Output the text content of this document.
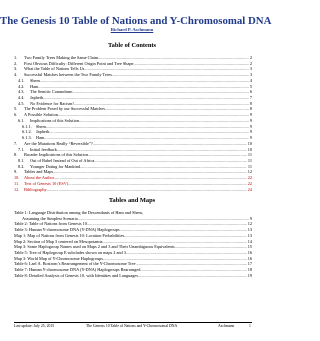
The Genesis 10 Table of Nations and Y-Chromosomal DNA
Richard P. Aschmann
Table of Contents
1.	Two Family Trees Making the Same Claim .....	2
2.	First Obvious Difficulty: Different Origin Point and Tree Shape .....	2
3.	What the Table of Nations Tells Us .....	3
4.	Successful Matches between the Two Family Trees .....	3
4.1.	Shem .....	4
4.2.	Ham .....	5
4.3.	The Semitic Conundrum .....	6
4.4.	Japheth .....	7
4.5.	No Evidence for Racism! .....	8
5.	The Problem Posed by our Successful Matches .....	8
6.	A Possible Solution .....	9
6.1.	Implications of this Solution .....	9
6.1.1.	Shem .....	9
6.1.2.	Japheth .....	9
6.1.3.	Ham .....	9
7.	Are the Mutations Really “Reversible”? .....	10
7.1.	Initial feedback .....	10
8.	Broader Implications of this Solution .....	11
8.1.	Out of Babel Instead of Out of Africa .....	11
8.2.	Younger Dating for Mankind .....	11
9.	Tables and Maps .....	12
10.	About the Author .....	22
11.	Text of Genesis 10 (ESV) .....	22
12.	Bibliography .....	24
Tables and Maps
Table 1: Language Distribution among the Descendants of Ham and Shem,
Assuming the Simplest Scenario .....	9
Table 2: Table of Nations from Genesis 10 .....	12
Table 3: Human Y-chromosome DNA (Y-DNA) Haplogroups .....	13
Map 1: Map of Nations from Genesis 10: Location Probabilities .....	13
Map 2: Section of Map 3 centered on Mesopotamia .....	14
Map 3: Some Haplogroup Names used on Maps 2 and 3 and Their Unambiguous Equivalents .....	15
Table 5: Tree of Haplogroup E subclades shown on maps 2 and 3 .....	16
Map 3: World Map of Y-Chromosome Haplogroups .....	16
Table 6: Lael A. Bostrom’s Rearrangement of the Y-Chromosome Tree .....	17
Table 7: Human Y-chromosome DNA (Y-DNA) Haplogroups Rearranged .....	18
Table 8: Detailed Analysis of Genesis 10, with Identities and Languages .....	19
Last update: July 25, 2015	The Genesis 10 Table of Nations and Y-Chromosomal DNA	Aschmann	1
